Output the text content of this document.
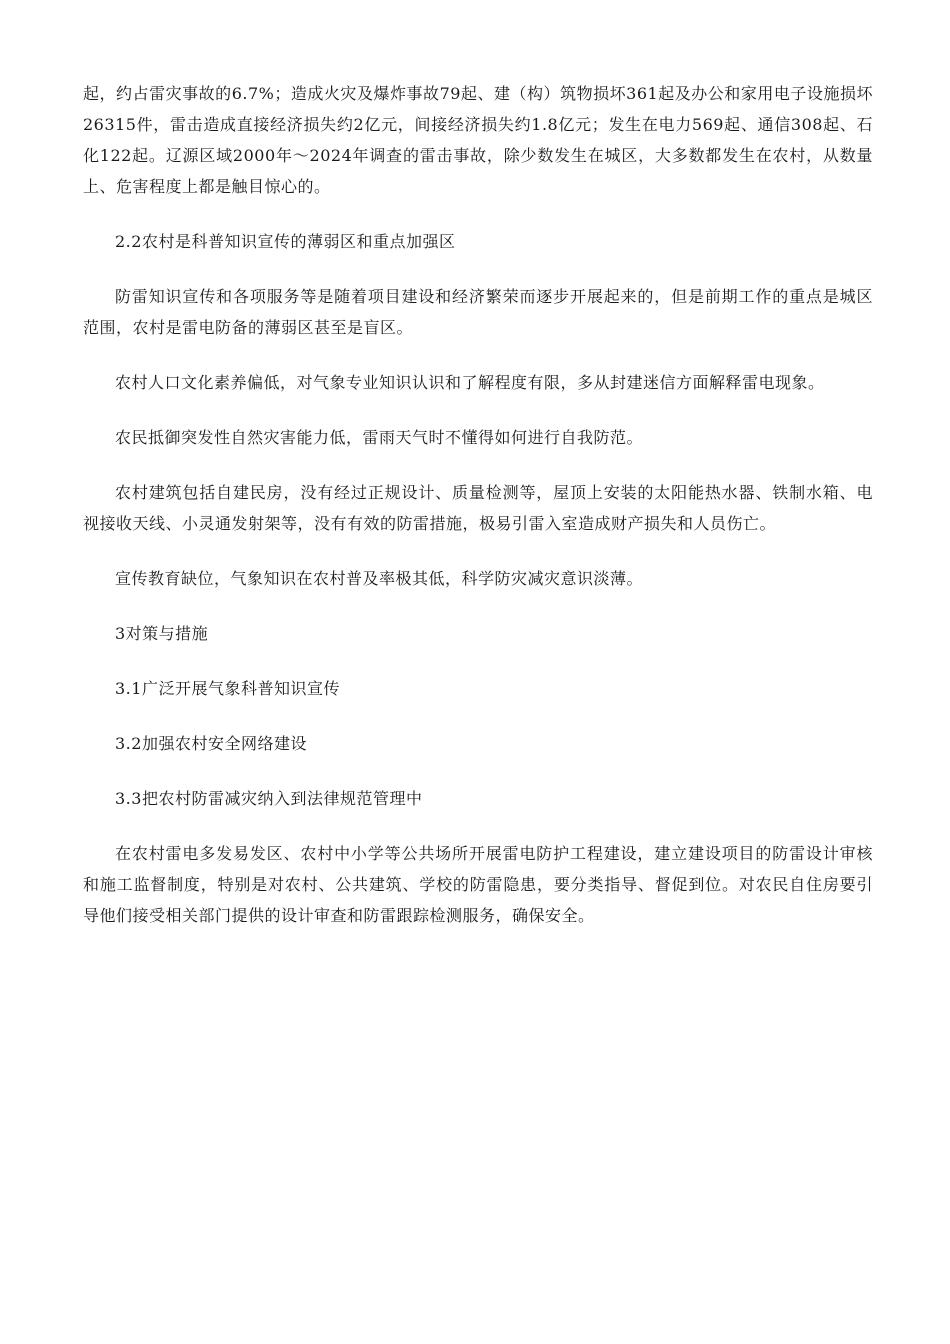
起，约占雷灾事故的6.7%；造成火灾及爆炸事故79起、建（构）筑物损坏361起及办公和家用电子设施损坏26315件，雷击造成直接经济损失约2亿元，间接经济损失约1.8亿元；发生在电力569起、通信308起、石化122起。辽源区域2000年～2024年调查的雷击事故，除少数发生在城区，大多数都发生在农村，从数量上、危害程度上都是触目惊心的。

2.2农村是科普知识宣传的薄弱区和重点加强区

防雷知识宣传和各项服务等是随着项目建设和经济繁荣而逐步开展起来的，但是前期工作的重点是城区范围，农村是雷电防备的薄弱区甚至是盲区。

农村人口文化素养偏低，对气象专业知识认识和了解程度有限，多从封建迷信方面解释雷电现象。

农民抵御突发性自然灾害能力低，雷雨天气时不懂得如何进行自我防范。

农村建筑包括自建民房，没有经过正规设计、质量检测等，屋顶上安装的太阳能热水器、铁制水箱、电视接收天线、小灵通发射架等，没有有效的防雷措施，极易引雷入室造成财产损失和人员伤亡。

宣传教育缺位，气象知识在农村普及率极其低，科学防灾减灾意识淡薄。

3对策与措施

3.1广泛开展气象科普知识宣传

3.2加强农村安全网络建设

3.3把农村防雷减灾纳入到法律规范管理中

在农村雷电多发易发区、农村中小学等公共场所开展雷电防护工程建设，建立建设项目的防雷设计审核和施工监督制度，特别是对农村、公共建筑、学校的防雷隐患，要分类指导、督促到位。对农民自住房要引导他们接受相关部门提供的设计审查和防雷跟踪检测服务，确保安全。
